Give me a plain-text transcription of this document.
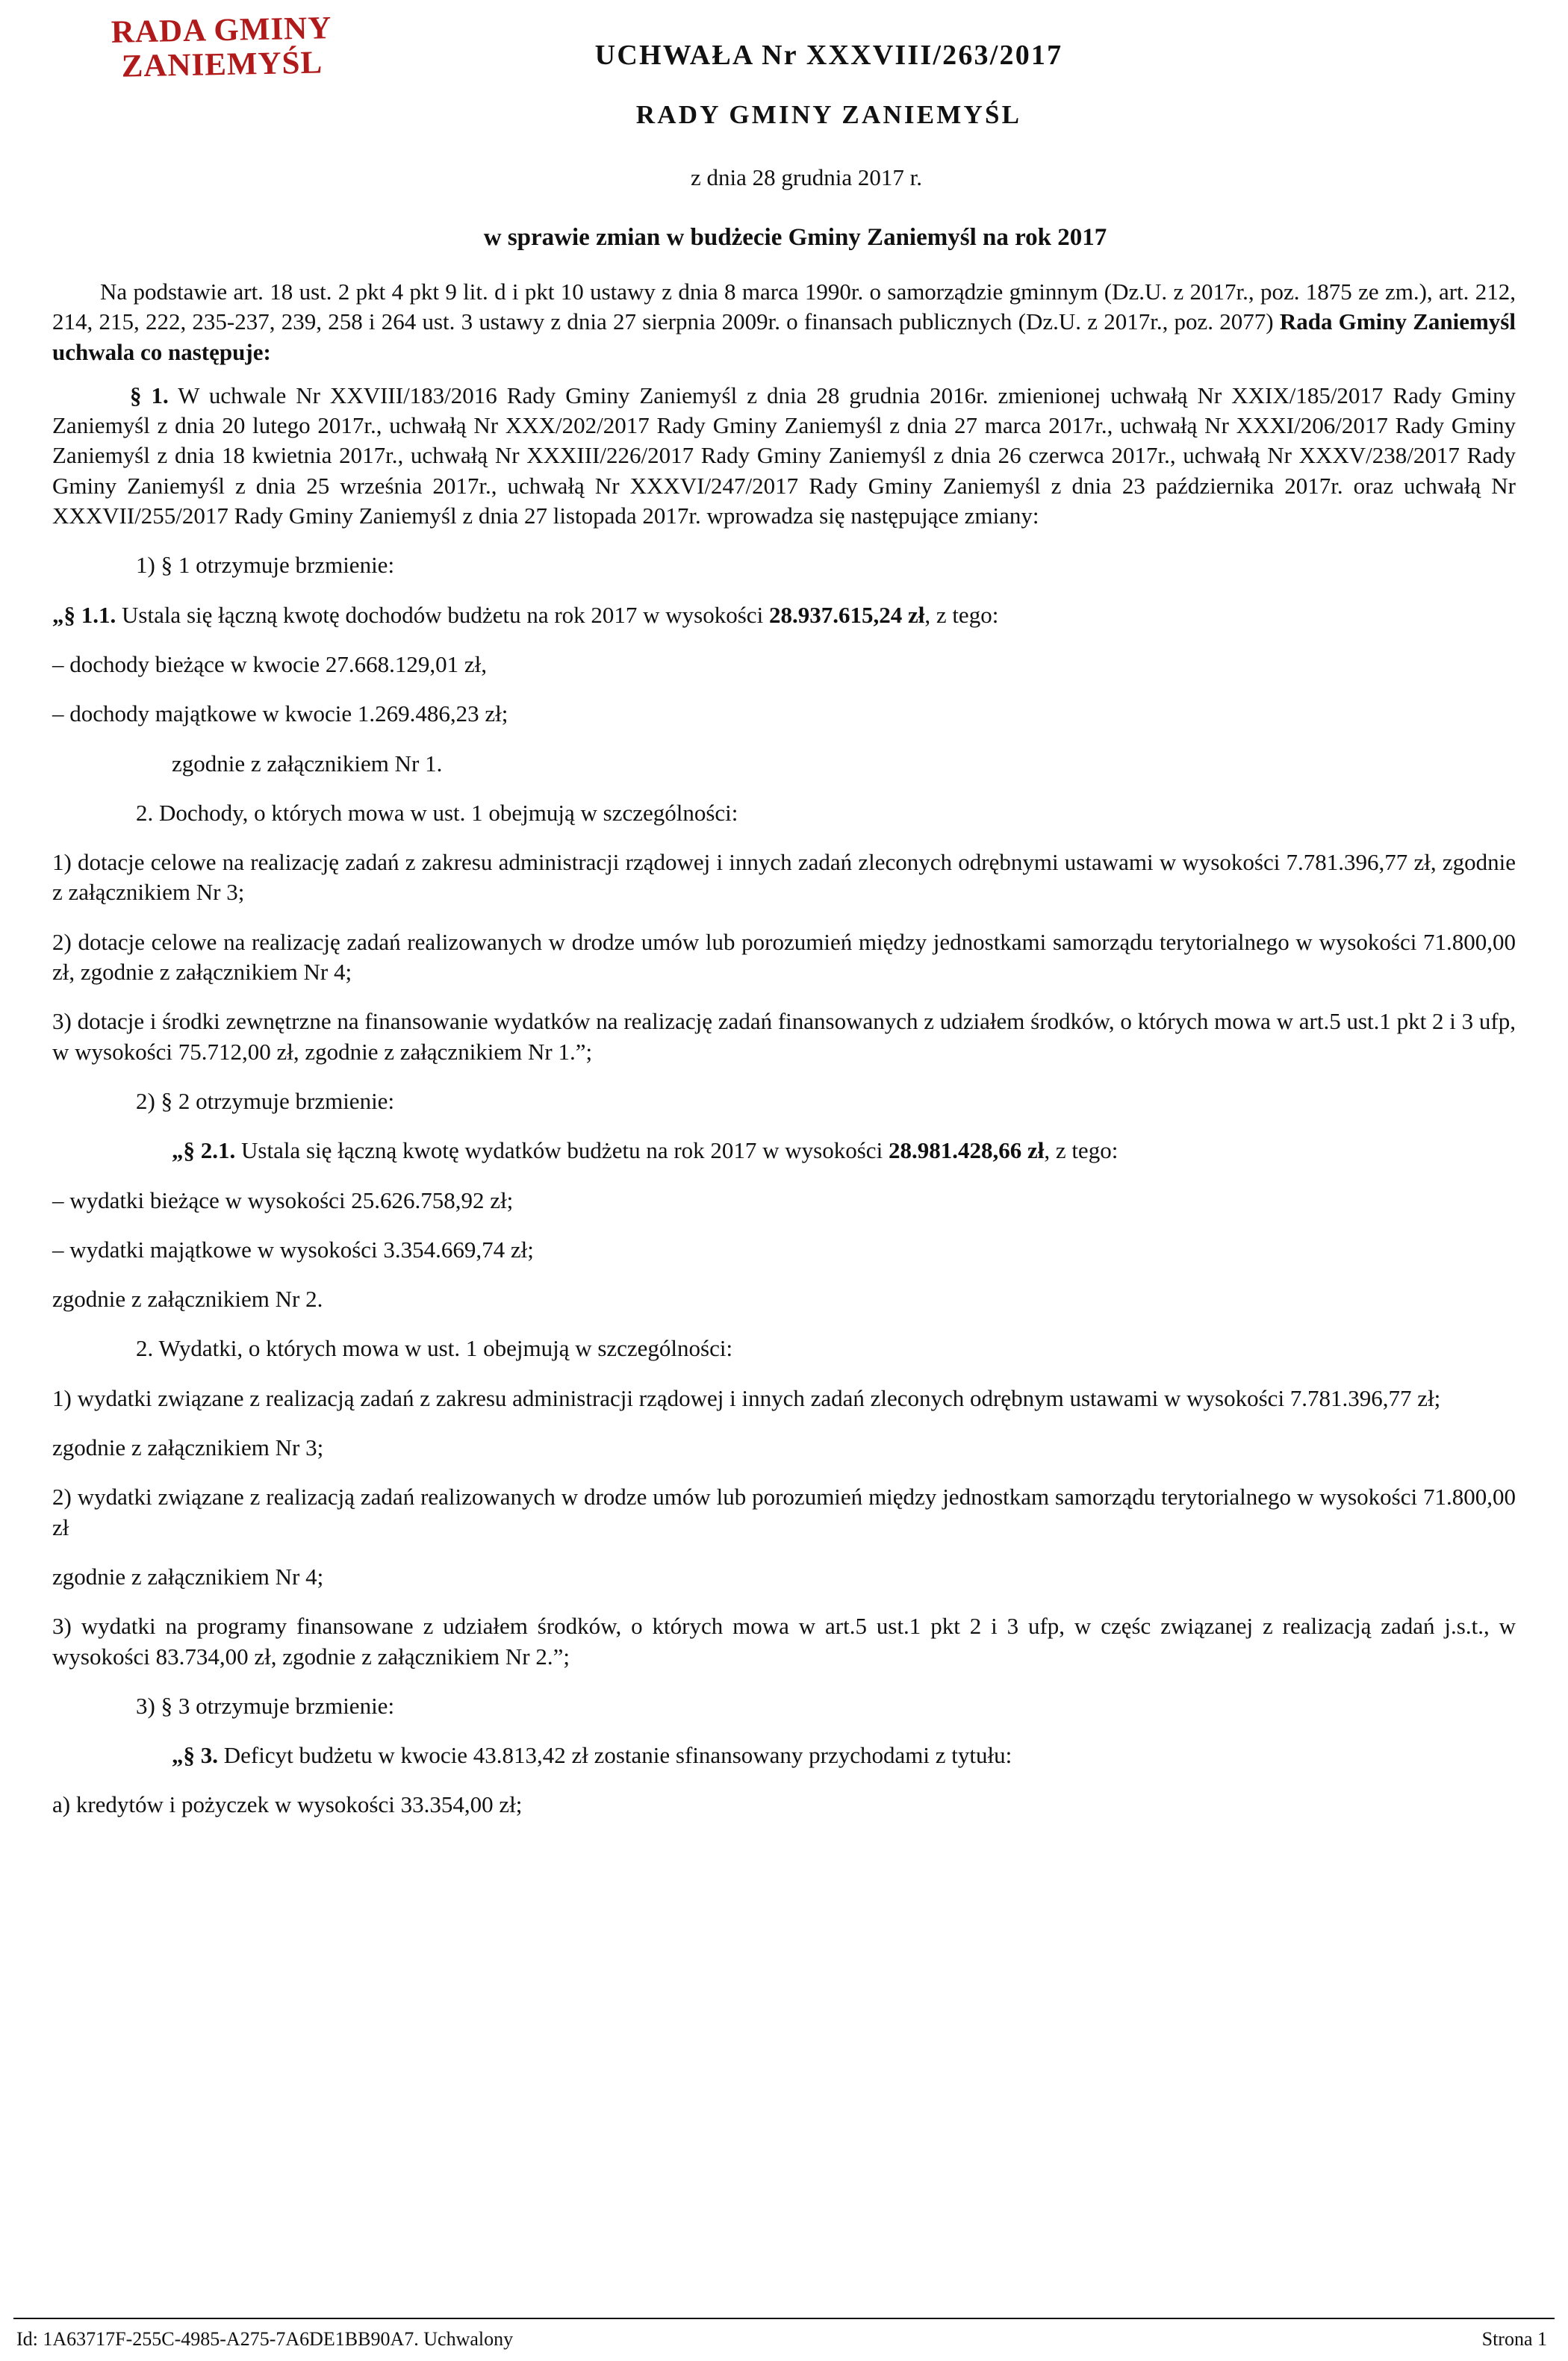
RADA GMINY
ZANIEMYŚL	UCHWAŁA Nr XXXVIII/263/2017
RADY GMINY ZANIEMYŚL
z dnia 28 grudnia 2017 r.
w sprawie zmian w budżecie Gminy Zaniemyśl na rok 2017

Na podstawie art. 18 ust. 2 pkt 4 pkt 9 lit. d i pkt 10 ustawy z dnia 8 marca 1990r. o samorządzie gminnym (Dz.U. z 2017r., poz. 1875 ze zm.), art. 212, 214, 215, 222, 235-237, 239, 258 i 264 ust. 3 ustawy z dnia 27 sierpnia 2009r. o finansach publicznych (Dz.U. z 2017r., poz. 2077) Rada Gminy Zaniemyśl uchwala co następuje:

§ 1. W uchwale Nr XXVIII/183/2016 Rady Gminy Zaniemyśl z dnia 28 grudnia 2016r. zmienionej uchwałą Nr XXIX/185/2017 Rady Gminy Zaniemyśl z dnia 20 lutego 2017r., uchwałą Nr XXX/202/2017 Rady Gminy Zaniemyśl z dnia 27 marca 2017r., uchwałą Nr XXXI/206/2017 Rady Gminy Zaniemyśl z dnia 18 kwietnia 2017r., uchwałą Nr XXXIII/226/2017 Rady Gminy Zaniemyśl z dnia 26 czerwca 2017r., uchwałą Nr XXXV/238/2017 Rady Gminy Zaniemyśl z dnia 25 września 2017r., uchwałą Nr XXXVI/247/2017 Rady Gminy Zaniemyśl z dnia 23 października 2017r. oraz uchwałą Nr XXXVII/255/2017 Rady Gminy Zaniemyśl z dnia 27 listopada 2017r. wprowadza się następujące zmiany:

1) § 1 otrzymuje brzmienie:

„§ 1.1. Ustala się łączną kwotę dochodów budżetu na rok 2017 w wysokości 28.937.615,24 zł, z tego:

– dochody bieżące w kwocie 27.668.129,01 zł,

– dochody majątkowe w kwocie 1.269.486,23 zł;

zgodnie z załącznikiem Nr 1.

2. Dochody, o których mowa w ust. 1 obejmują w szczególności:

1) dotacje celowe na realizację zadań z zakresu administracji rządowej i innych zadań zleconych odrębnymi ustawami w wysokości 7.781.396,77 zł, zgodnie z załącznikiem Nr 3;

2) dotacje celowe na realizację zadań realizowanych w drodze umów lub porozumień między jednostkami samorządu terytorialnego w wysokości 71.800,00 zł, zgodnie z załącznikiem Nr 4;

3) dotacje i środki zewnętrzne na finansowanie wydatków na realizację zadań finansowanych z udziałem środków, o których mowa w art.5 ust.1 pkt 2 i 3 ufp, w wysokości 75.712,00 zł, zgodnie z załącznikiem Nr 1.”;

2) § 2 otrzymuje brzmienie:

„§ 2.1. Ustala się łączną kwotę wydatków budżetu na rok 2017 w wysokości 28.981.428,66 zł, z tego:

– wydatki bieżące w wysokości 25.626.758,92 zł;

– wydatki majątkowe w wysokości 3.354.669,74 zł;

zgodnie z załącznikiem Nr 2.

2. Wydatki, o których mowa w ust. 1 obejmują w szczególności:

1) wydatki związane z realizacją zadań z zakresu administracji rządowej i innych zadań zleconych odrębnym ustawami w wysokości 7.781.396,77 zł;

zgodnie z załącznikiem Nr 3;

2) wydatki związane z realizacją zadań realizowanych w drodze umów lub porozumień między jednostkam samorządu terytorialnego w wysokości 71.800,00 zł

zgodnie z załącznikiem Nr 4;

3) wydatki na programy finansowane z udziałem środków, o których mowa w art.5 ust.1 pkt 2 i 3 ufp, w częśc związanej z realizacją zadań j.s.t., w wysokości 83.734,00 zł, zgodnie z załącznikiem Nr 2.”;

3) § 3 otrzymuje brzmienie:

„§ 3. Deficyt budżetu w kwocie 43.813,42 zł zostanie sfinansowany przychodami z tytułu:

a) kredytów i pożyczek w wysokości 33.354,00 zł;

Id: 1A63717F-255C-4985-A275-7A6DE1BB90A7. Uchwalony	Strona 1
